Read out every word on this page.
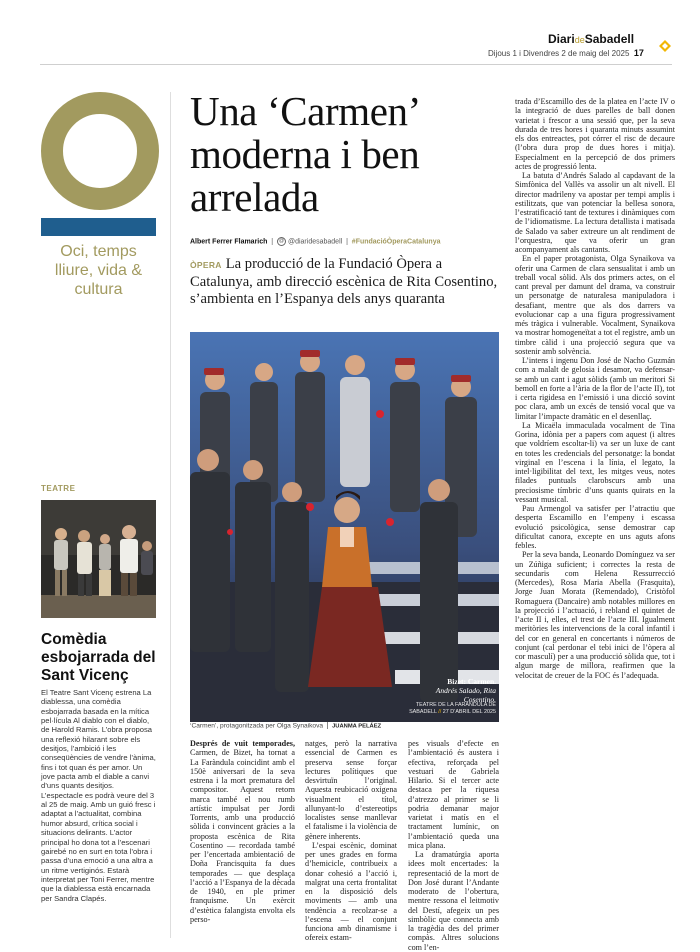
DiarideSabadell
Dijous 1 i Divendres 2 de maig del 2025 17
Oci, temps lliure, vida & cultura
TEATRE
Comèdia esbojarrada del Sant Vicenç
El Teatre Sant Vicenç estrena La diablessa, una comèdia esbojarrada basada en la mítica pel·lícula Al diablo con el diablo, de Harold Ramis. L’obra proposa una reflexió hilarant sobre els desitjos, l’ambició i les conseqüències de vendre l’ànima, fins i tot quan és per amor. Un jove pacta amb el diable a canvi d’uns quants desitjos. L’espectacle es podrà veure del 3 al 25 de maig. Amb un guió fresc i adaptat a l’actualitat, combina humor absurd, crítica social i situacions delirants. L’actor principal ho dona tot a l’escenari gairebé no en surt en tota l’obra i passa d’una emoció a una altra a un ritme vertiginós. Estarà interpretat per Toni Ferrer, mentre que la diablessa està encarnada per Sandra Clapés.
Una ‘Carmen’ moderna i ben arrelada
Albert Ferrer Flamarich  |  @ @diaridesabadell  |  #FundacióÒperaCatalunya
ÒPERA La producció de la Fundació Òpera a Catalunya, amb direcció escènica de Rita Cosentino, s’ambienta en l’Espanya dels anys quaranta
Bizet: Carmen.
Andrés Salado, Rita Cosentino.
TEATRE DE LA FARÀNDULA DE SABADELL // 27 D’ABRIL DEL 2025
‘Carmen’, protagonitzada per Olga Synaikova JUANMA PELÁEZ

Després de vuit temporades, Carmen, de Bizet, ha tornat a La Faràndula coincidint amb el 150è aniversari de la seva estrena i la mort prematura del compositor. Aquest retorn marca també el nou rumb artístic impulsat per Jordi Torrents, amb una producció sòlida i convincent gràcies a la proposta escènica de Rita Cosentino — recordada també per l’encertada ambientació de Doña Francisquita fa dues temporades — que desplaça l’acció a l’Espanya de la dècada de 1940, en ple primer franquisme. Un exèrcit d’estètica falangista envolta els perso-

natges, però la narrativa essencial de Carmen es preserva sense forçar lectures polítiques que desvirtuïn l’original. Aquesta reubicació oxigena visualment el títol, allunyant-lo d’estereotips localistes sense manllevar el fatalisme i la violència de gènere inherents.

L’espai escènic, dominat per unes grades en forma d’hemicicle, contribueix a donar cohesió a l’acció i, malgrat una certa frontalitat en la disposició dels moviments — amb una tendència a recolzar-se a l’escena — el conjunt funciona amb dinamisme i ofereix estam-

pes visuals d’efecte en l’ambientació és austera i efectiva, reforçada pel vestuari de Gabriela Hilario. Si el tercer acte destaca per la riquesa d’atrezzo al primer se li podria demanar major varietat i matís en el tractament lumínic, on l’ambientació queda una mica plana.

La dramatúrgia aporta idees molt encertades: la representació de la mort de Don José durant l’Andante moderato de l’obertura, mentre ressona el leitmotiv del Destí, afegeix un pes simbòlic que connecta amb la tragèdia des del primer compàs. Altres solucions com l’en-

trada d’Escamillo des de la platea en l’acte IV o la integració de dues parelles de ball donen varietat i frescor a una sessió que, per la seva durada de tres hores i quaranta minuts assumint els dos entreactes, pot córrer el risc de decaure (l’obra dura prop de dues hores i mitja). Especialment en la percepció de dos primers actes de progressió lenta.

La batuta d’Andrés Salado al capdavant de la Simfònica del Vallès va assolir un alt nivell. El director madrileny va apostar per tempi amplis i estilitzats, que van potenciar la bellesa sonora, l’estratificació tant de textures i dinàmiques com de l’idiomatisme. La lectura detallista i matisada de Salado va saber extreure un alt rendiment de l’orquestra, que va oferir un gran acompanyament als cantants.

En el paper protagonista, Olga Synaikova va oferir una Carmen de clara sensualitat i amb un treball vocal sòlid. Als dos primers actes, on el cant preval per damunt del drama, va construir un personatge de naturalesa manipuladora i desafiant, mentre que als dos darrers va evolucionar cap a una figura progressivament més tràgica i vulnerable. Vocalment, Synaikova va mostrar homogeneïtat a tot el registre, amb un timbre càlid i una projecció segura que va sostenir amb solvència.

L’intens i ingenu Don José de Nacho Guzmán com a malalt de gelosia i desamor, va defensar-se amb un cant i agut sòlids (amb un meritori Si bemoll en forte a l’ària de la flor de l’acte II), tot i certa rigidesa en l’emissió i una dicció sovint poc clara, amb un excés de tensió vocal que va limitar l’impacte dramàtic en el desenllaç.

La Micaëla immaculada vocalment de Tina Gorina, idònia per a papers com aquest (i altres que voldríem escoltar-li) va ser un luxe de cant en totes les credencials del personatge: la bondat virginal en l’escena i la línia, el legato, la intel·ligibilitat del text, les mitges veus, notes filades puntuals clarobscurs amb una preciosisme tímbric d’uns quants quirats en la vessant musical.

Pau Armengol va satisfer per l’atractiu que desperta Escamillo en l’empeny i escassa evolució psicològica, sense demostrar cap dificultat canora, excepte en uns aguts afons febles.

Per la seva banda, Leonardo Domínguez va ser un Zúñiga suficient; i correctes la resta de secundaris com Helena Ressurrecció (Mercedes), Rosa Maria Abella (Frasquita), Jorge Juan Morata (Remendado), Cristòfol Romaguera (Dancaire) amb notables millores en la projecció i l’actuació, i rebland el quintet de l’acte II i, elles, el trest de l’acte III. Igualment meritòries les intervencions de la coral infantil i del cor en general en concertants i números de conjunt (cal perdonar el tebi inici de l’òpera al cor masculí) per a una producció sòlida que, tot i algun marge de millora, reafirmen que la velocitat de creuer de la FOC és l’adequada.
